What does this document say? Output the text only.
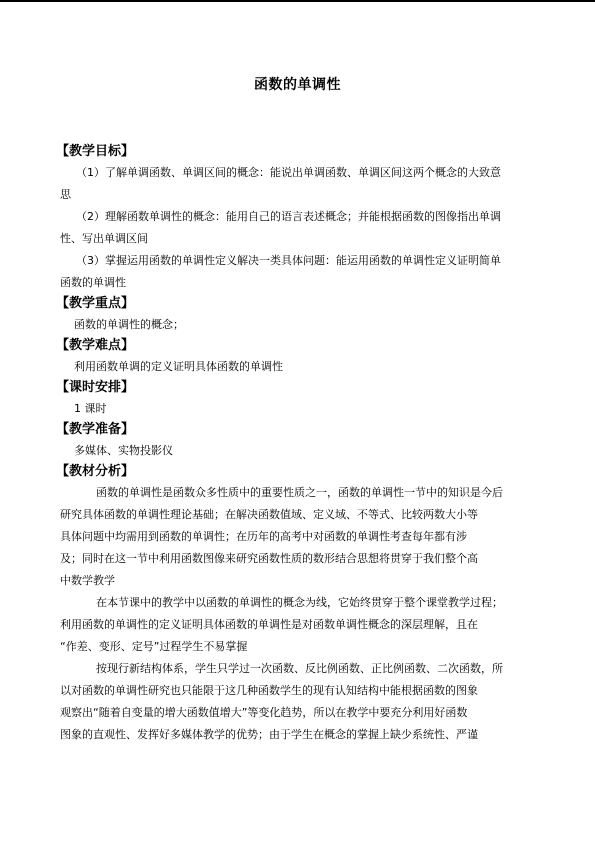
函数的单调性

【教学目标】

（1）了解单调函数、单调区间的概念：能说出单调函数、单调区间这两个概念的大致意

思

（2）理解函数单调性的概念：能用自己的语言表述概念；并能根据函数的图像指出单调

性、写出单调区间

（3）掌握运用函数的单调性定义解决一类具体问题：能运用函数的单调性定义证明简单

函数的单调性

【教学重点】

函数的单调性的概念；

【教学难点】

利用函数单调的定义证明具体函数的单调性

【课时安排】

1 课时

【教学准备】

多媒体、实物投影仪

【教材分析】

函数的单调性是函数众多性质中的重要性质之一，函数的单调性一节中的知识是今后

研究具体函数的单调性理论基础；在解决函数值域、定义域、不等式、比较两数大小等

具体问题中均需用到函数的单调性；在历年的高考中对函数的单调性考查每年都有涉

及；同时在这一节中利用函数图像来研究函数性质的数形结合思想将贯穿于我们整个高

中数学教学

在本节课中的教学中以函数的单调性的概念为线，它始终贯穿于整个课堂教学过程；

利用函数的单调性的定义证明具体函数的单调性是对函数单调性概念的深层理解，且在

“作差、变形、定号”过程学生不易掌握

按现行新结构体系，学生只学过一次函数、反比例函数、正比例函数、二次函数，所

以对函数的单调性研究也只能限于这几种函数学生的现有认知结构中能根据函数的图象

观察出“随着自变量的增大函数值增大”等变化趋势，所以在教学中要充分利用好函数

图象的直观性、发挥好多媒体教学的优势；由于学生在概念的掌握上缺少系统性、严谨
